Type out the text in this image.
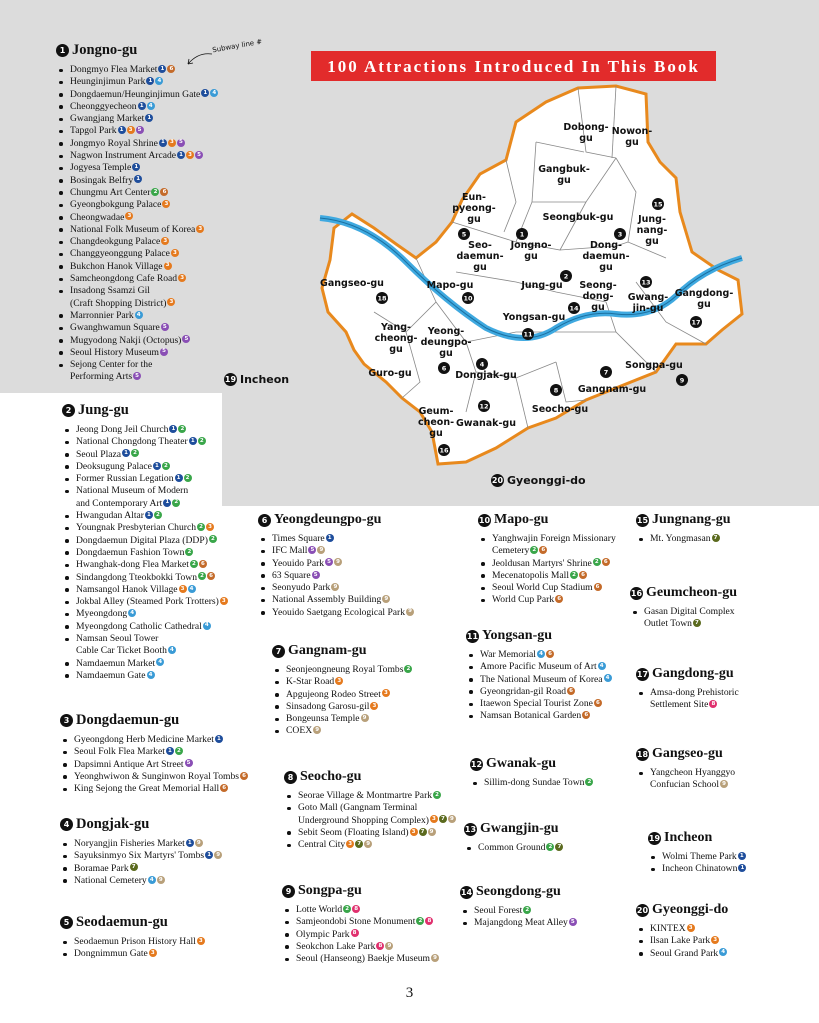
100 Attractions Introduced In This Book
Subway line #
Dobong-gu
Nowon-gu
Gangbuk-gu
Eun-pyeong-gu	Seongbuk-gu	Jung-nang-gu
Seo-daemun-gu
Jongno-gu
Dong-daemun-gu
Gangseo-gu	Mapo-gu	Jung-gu Seong-dong-gu
Gwang-jin-gu
Gangdong-gu
Yongsan-gu
Yang-cheong-gu
Yeong-deungpo-gu
Guro-gu	Dongjak-gu
Songpa-gu
Gangnam-gu
Seocho-gu
Geum-cheon-gu
Gwanak-gu
1
2
3
4
5
6	7
8
9
10
11
12
13
14
15
16
17
18
19 Incheon
20 Gyeonggi-do
1 Jongno-gu
Dongmyo Flea Market 1 6
Heunginjimun Park 1 4
Dongdaemun/Heunginjimun Gate 1 4
Cheonggyecheon 1 4
Gwangjang Market 1
Tapgol Park 1 3 5
Jongmyo Royal Shrine 1 3 5
Nagwon Instrument Arcade 1 3 5
Jogyesa Temple 1
Bosingak Belfry 1
Chungmu Art Center 2 6
Gyeongbokgung Palace 3
Cheongwadae 3
National Folk Museum of Korea 3
Changdeokgung Palace 3
Changgyeonggung Palace 3
Bukchon Hanok Village 3
Samcheongdong Cafe Road 3
Insadong Ssamzi Gil
(Craft Shopping District) 3
Marronnier Park 4
Gwanghwamun Square 5
Mugyodong Nakji (Octopus) 5
Seoul History Museum 5
Sejong Center for the
Performing Arts 5
2 Jung-gu
Jeong Dong Jeil Church 1 2
National Chongdong Theater 1 2
Seoul Plaza 1 2
Deoksugung Palace 1 2
Former Russian Legation 1 2
National Museum of Modern
and Contemporary Art 1 2
Hwangudan Altar 1 2
Youngnak Presbyterian Church 2 3
Dongdaemun Digital Plaza (DDP) 2
Dongdaemun Fashion Town 2
Hwanghak-dong Flea Market 2 6
Sindangdong Tteokbokki Town 2 6
Namsangol Hanok Village 3 4
Jokbal Alley (Steamed Pork Trotters) 3
Myeongdong 4
Myeongdong Catholic Cathedral 4
Namsan Seoul Tower
Cable Car Ticket Booth 4
Namdaemun Market 4
Namdaemun Gate 4
3 Dongdaemun-gu
Gyeongdong Herb Medicine Market 1
Seoul Folk Flea Market 1 2
Dapsimni Antique Art Street 5
Yeonghwiwon & Sunginwon Royal Tombs 6
King Sejong the Great Memorial Hall 6
4 Dongjak-gu
Noryangjin Fisheries Market 1 9
Sayuksinmyo Six Martyrs' Tombs 1 9
Boramae Park 7
National Cemetery 4 9
5 Seodaemun-gu
Seodaemun Prison History Hall 3
Dongnimmun Gate 3
6 Yeongdeungpo-gu
Times Square 1
IFC Mall 5 9
Yeouido Park 5 9
63 Square 5
Seonyudo Park 9
National Assembly Building 9
Yeouido Saetgang Ecological Park 9
7 Gangnam-gu
Seonjeongneung Royal Tombs 2
K-Star Road 3
Apgujeong Rodeo Street 3
Sinsadong Garosu-gil 3
Bongeunsa Temple 9
COEX 9
8 Seocho-gu
Seorae Village & Montmartre Park 2
Goto Mall (Gangnam Terminal
Underground Shopping Complex) 3 7 9
Sebit Seom (Floating Island) 3 7 9
Central City 3 7 9
9 Songpa-gu
Lotte World 2 8
Samjeondobi Stone Monument 2 8
Olympic Park 8
Seokchon Lake Park 8 9
Seoul (Hanseong) Baekje Museum 9
10 Mapo-gu
Yanghwajin Foreign Missionary
Cemetery 2 6
Jeoldusan Martyrs' Shrine 2 6
Mecenatopolis Mall 2 6
Seoul World Cup Stadium 6
World Cup Park 6
11 Yongsan-gu
War Memorial 4 6
Amore Pacific Museum of Art 4
The National Museum of Korea 4
Gyeongridan-gil Road 6
Itaewon Special Tourist Zone 6
Namsan Botanical Garden 6
12 Gwanak-gu
Sillim-dong Sundae Town 2
13 Gwangjin-gu
Common Ground 2 7
14 Seongdong-gu
Seoul Forest 2
Majangdong Meat Alley 5
15 Jungnang-gu
Mt. Yongmasan 7
16 Geumcheon-gu
Gasan Digital Complex
Outlet Town 7
17 Gangdong-gu
Amsa-dong Prehistoric
Settlement Site 8
18 Gangseo-gu
Yangcheon Hyanggyo
Confucian School 9
19 Incheon
Wolmi Theme Park 1
Incheon Chinatown 1
20 Gyeonggi-do
KINTEX 3
Ilsan Lake Park 3
Seoul Grand Park 4
3
